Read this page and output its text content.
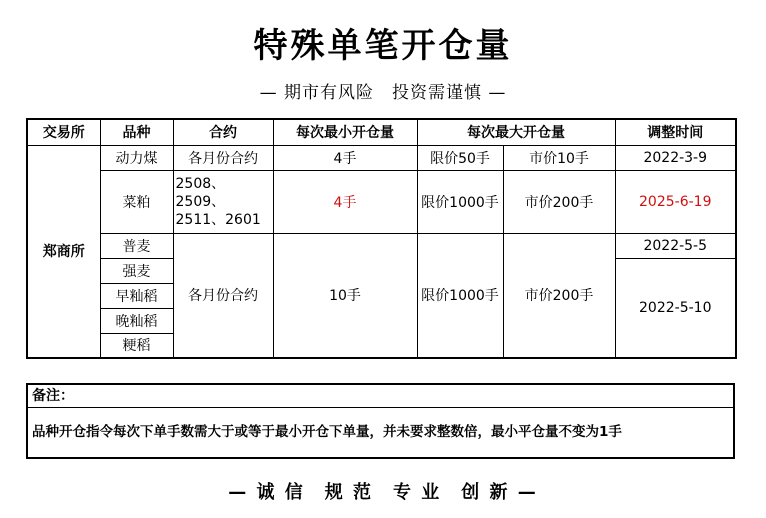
特殊单笔开仓量
— 期市有风险　投资需谨慎 —
交易所	品种	合约	每次最小开仓量	每次最大开仓量		调整时间
郑商所	动力煤	各月份合约	4手	限价50手	市价10手	2022-3-9
	菜粕	2508、2509、
2511、2601	4手	限价1000手	市价200手	2025-6-19
	普麦	各月份合约	10手	限价1000手	市价200手	2022-5-5
	强麦					2022-5-10
	早籼稻					
	晚籼稻					
	粳稻					
备注：
品种开仓指令每次下单手数需大于或等于最小开仓下单量，并未要求整数倍，最小平仓量不变为1手
— 诚 信　规 范　专 业　创 新 —
